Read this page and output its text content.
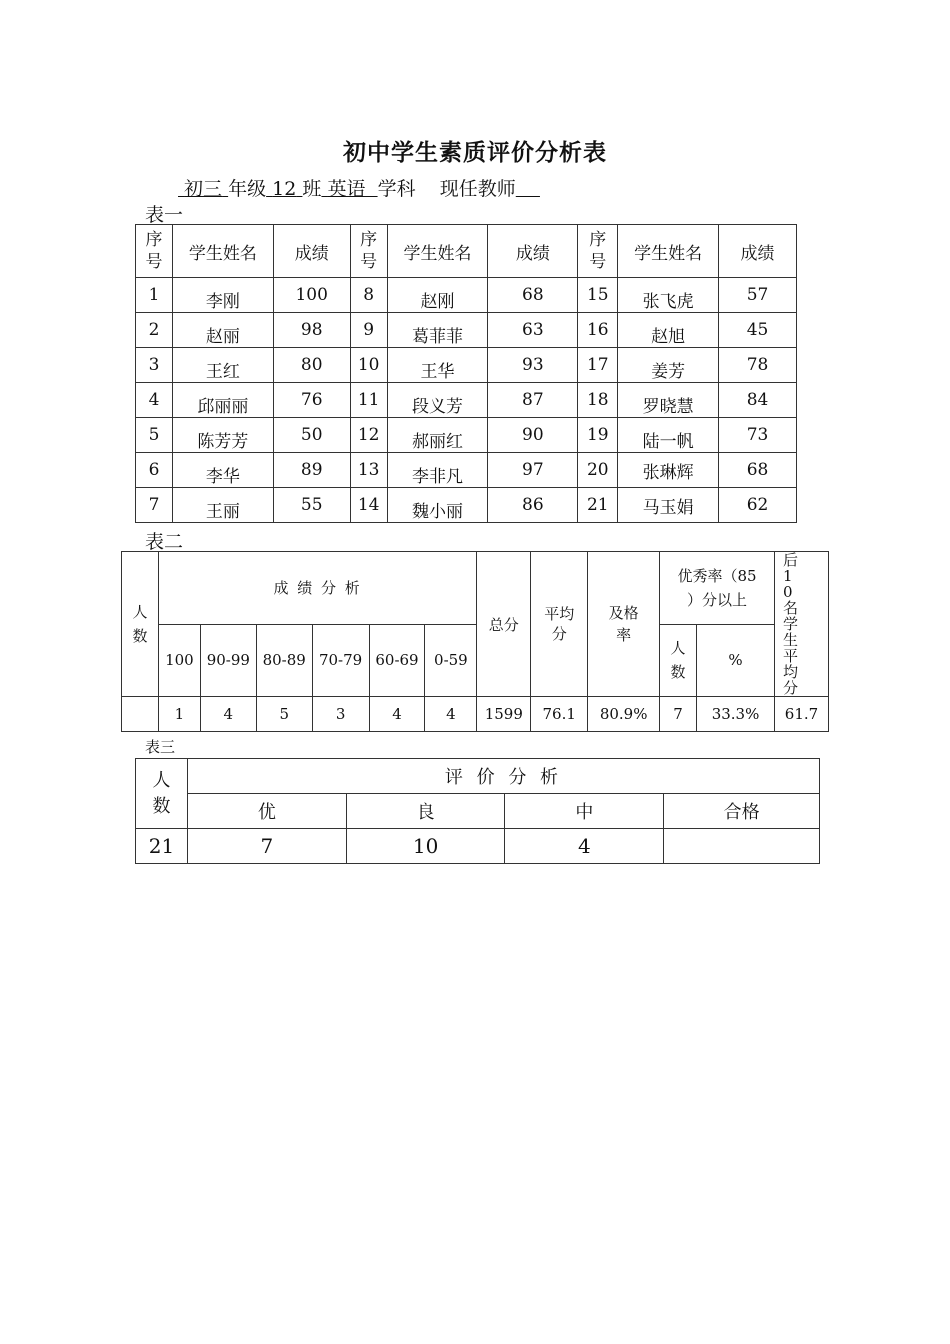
初中学生素质评价分析表
初三 年级 12 班 英语 学科 现任教师
表一
序号	学生姓名	成绩	序号	学生姓名	成绩	序号	学生姓名	成绩
1	李刚	100	8	赵刚	68	15	张飞虎	57
2	赵丽	98	9	葛菲菲	63	16	赵旭	45
3	王红	80	10	王华	93	17	姜芳	78
4	邱丽丽	76	11	段义芳	87	18	罗晓慧	84
5	陈芳芳	50	12	郝丽红	90	19	陆一帆	73
6	李华	89	13	李非凡	97	20	张琳辉	68
7	王丽	55	14	魏小丽	86	21	马玉娟	62
表二
人数	成 绩 分 析						总分	平均分	及格率	优秀率（85 ）分以上		后10名学生平均分
	100	90-99	80-89	70-79	60-69	0-59				人数	%	
	1	4	5	3	4	4	1599	76.1	80.9%	7	33.3%	61.7
表三
人数	评 价 分 析			
	优	良	中	合格
21	7	10	4	
